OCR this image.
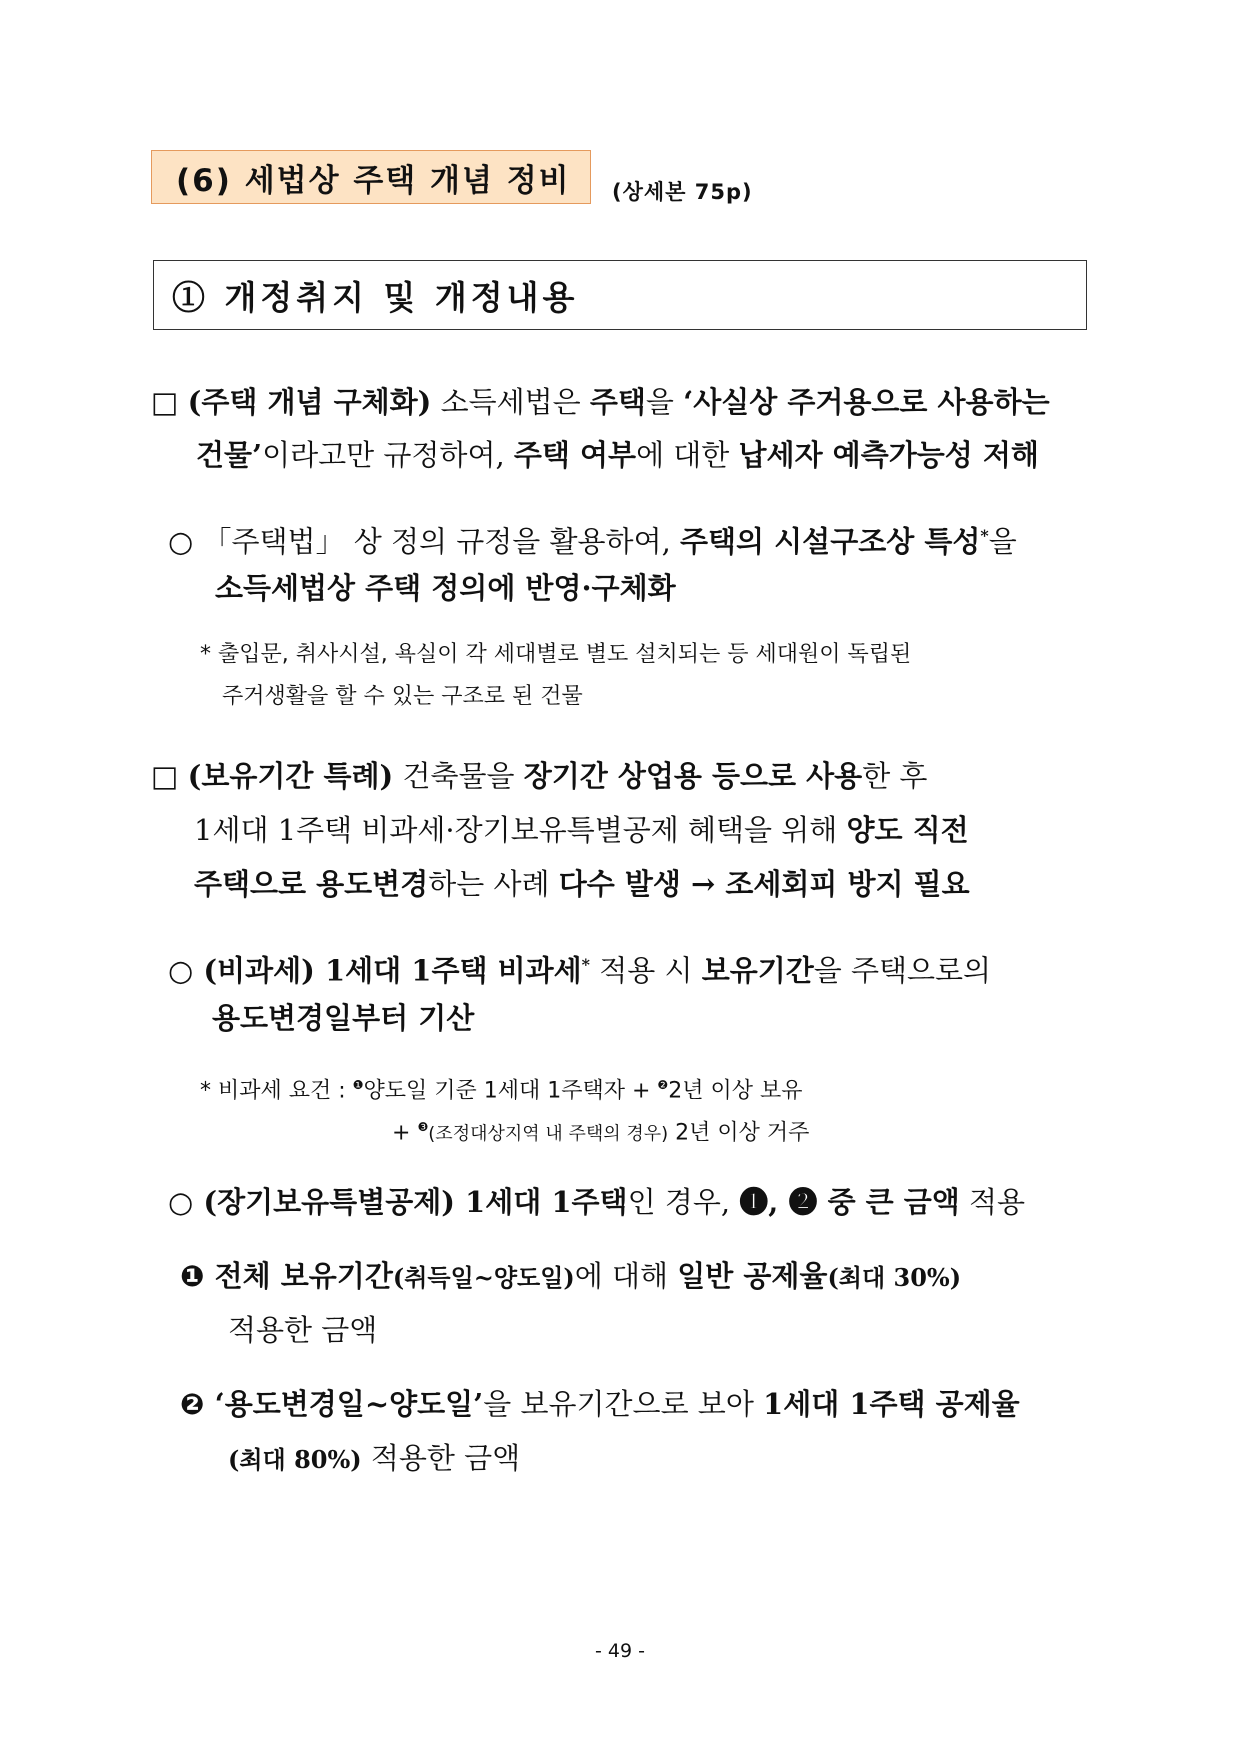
(6) 세법상 주택 개념 정비	(상세본 75p)
① 개정취지 및 개정내용
□ (주택 개념 구체화) 소득세법은 주택을 ‘사실상 주거용으로 사용하는
건물’이라고만 규정하여, 주택 여부에 대한 납세자 예측가능성 저해
○ 「주택법」 상 정의 규정을 활용하여, 주택의 시설구조상 특성*을
소득세법상 주택 정의에 반영·구체화
* 출입문, 취사시설, 욕실이 각 세대별로 별도 설치되는 등 세대원이 독립된
주거생활을 할 수 있는 구조로 된 건물
□ (보유기간 특례) 건축물을 장기간 상업용 등으로 사용한 후
1세대 1주택 비과세·장기보유특별공제 혜택을 위해 양도 직전
주택으로 용도변경하는 사례 다수 발생 → 조세회피 방지 필요
○ (비과세) 1세대 1주택 비과세* 적용 시 보유기간을 주택으로의
용도변경일부터 기산
* 비과세 요건 : $^❶$양도일 기준 1세대 1주택자 + $^❷$2년 이상 보유
+ $^❸$(조정대상지역 내 주택의 경우) 2년 이상 거주
○ (장기보유특별공제) 1세대 1주택인 경우, ❶, ❷ 중 큰 금액 적용
❶ 전체 보유기간(취득일~양도일)에 대해 일반 공제율(최대 30%)
적용한 금액
❷ ‘용도변경일~양도일’을 보유기간으로 보아 1세대 1주택 공제율
(최대 80%) 적용한 금액
- 49 -
